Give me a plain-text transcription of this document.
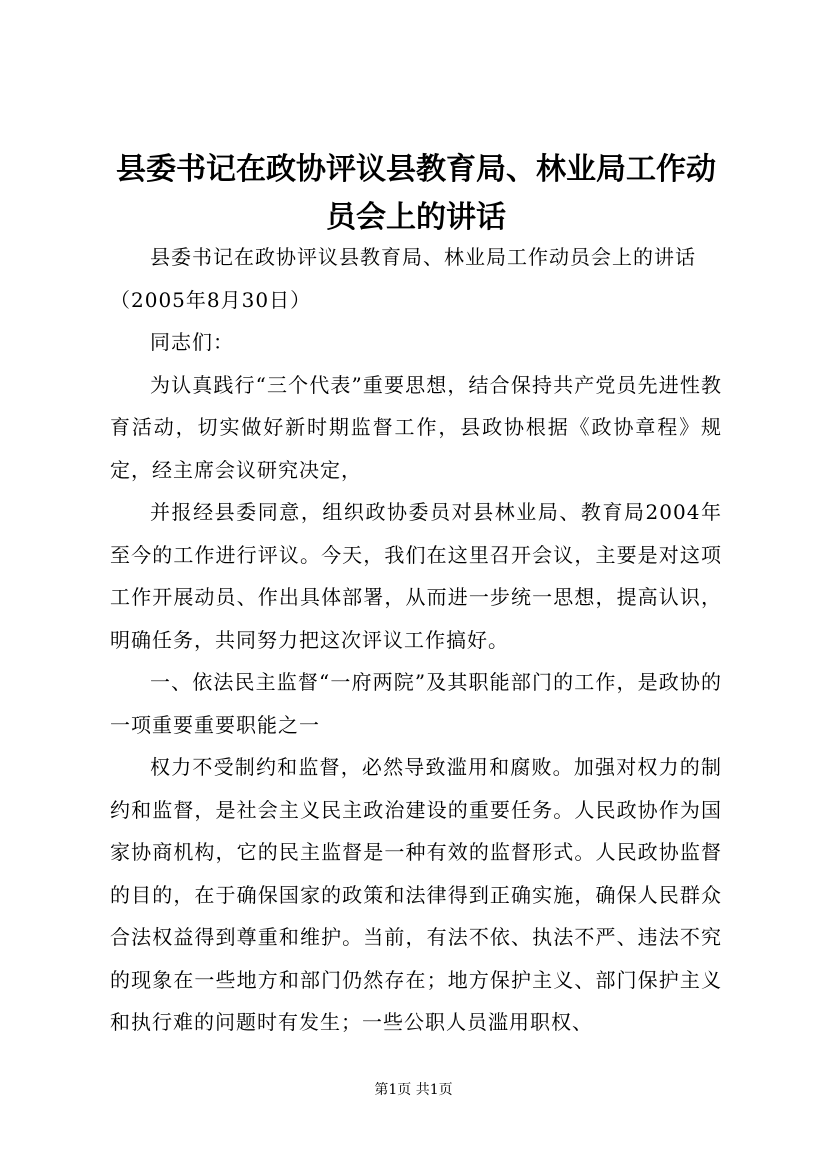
县委书记在政协评议县教育局、林业局工作动员会上的讲话

县委书记在政协评议县教育局、林业局工作动员会上的讲话

（2005年8月30日）

同志们：

为认真践行“三个代表”重要思想，结合保持共产党员先进性教育活动，切实做好新时期监督工作，县政协根据《政协章程》规定，经主席会议研究决定，

并报经县委同意，组织政协委员对县林业局、教育局2004年至今的工作进行评议。今天，我们在这里召开会议，主要是对这项工作开展动员、作出具体部署，从而进一步统一思想，提高认识，明确任务，共同努力把这次评议工作搞好。

一、依法民主监督“一府两院”及其职能部门的工作，是政协的一项重要重要职能之一

权力不受制约和监督，必然导致滥用和腐败。加强对权力的制约和监督，是社会主义民主政治建设的重要任务。人民政协作为国家协商机构，它的民主监督是一种有效的监督形式。人民政协监督的目的，在于确保国家的政策和法律得到正确实施，确保人民群众合法权益得到尊重和维护。当前，有法不依、执法不严、违法不究的现象在一些地方和部门仍然存在；地方保护主义、部门保护主义和执行难的问题时有发生；一些公职人员滥用职权、

第1页 共1页
